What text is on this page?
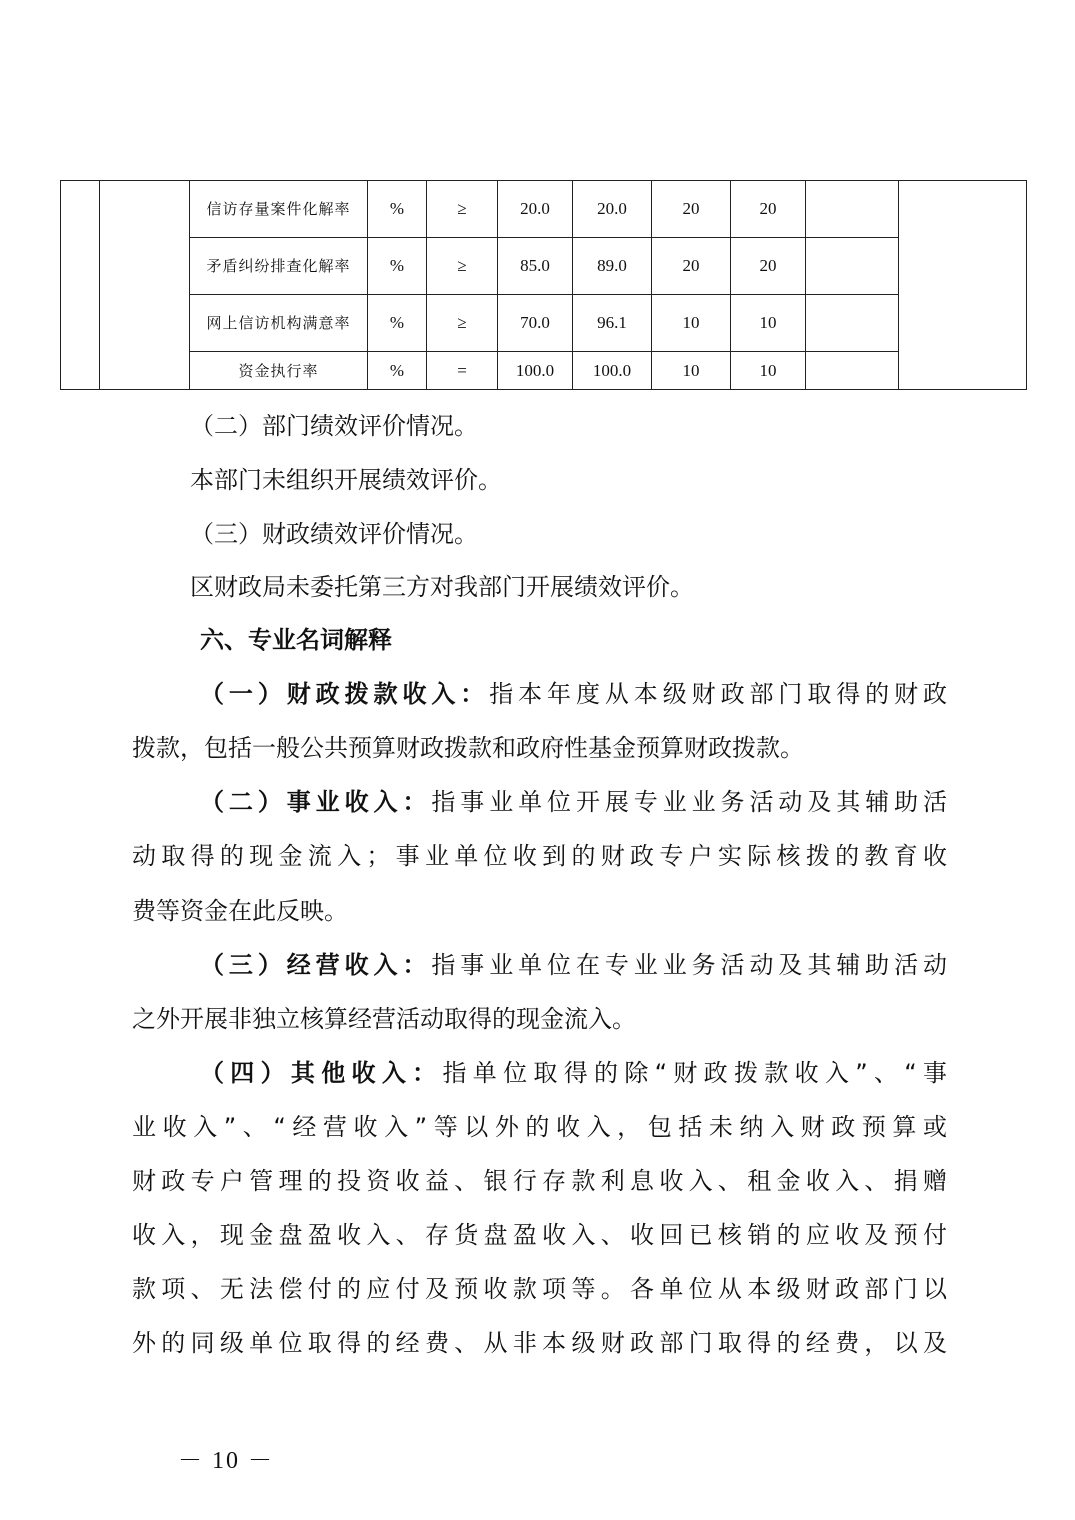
		信访存量案件化解率	%	≥	20.0	20.0	20	20		
		矛盾纠纷排查化解率	%	≥	85.0	89.0	20	20		
		网上信访机构满意率	%	≥	70.0	96.1	10	10		
		资金执行率	%	=	100.0	100.0	10	10		
（二）部门绩效评价情况。
本部门未组织开展绩效评价。
（三）财政绩效评价情况。
区财政局未委托第三方对我部门开展绩效评价。
六、专业名词解释
（一）财政拨款收入：指本年度从本级财政部门取得的财政
拨款，包括一般公共预算财政拨款和政府性基金预算财政拨款。
（二）事业收入：指事业单位开展专业业务活动及其辅助活
动取得的现金流入；事业单位收到的财政专户实际核拨的教育收
费等资金在此反映。
（三）经营收入：指事业单位在专业业务活动及其辅助活动
之外开展非独立核算经营活动取得的现金流入。
（四）其他收入：指单位取得的除“财政拨款收入”、“事
业收入”、“经营收入”等以外的收入，包括未纳入财政预算或
财政专户管理的投资收益、银行存款利息收入、租金收入、捐赠
收入，现金盘盈收入、存货盘盈收入、收回已核销的应收及预付
款项、无法偿付的应付及预收款项等。各单位从本级财政部门以
外的同级单位取得的经费、从非本级财政部门取得的经费，以及
－ 10 －
